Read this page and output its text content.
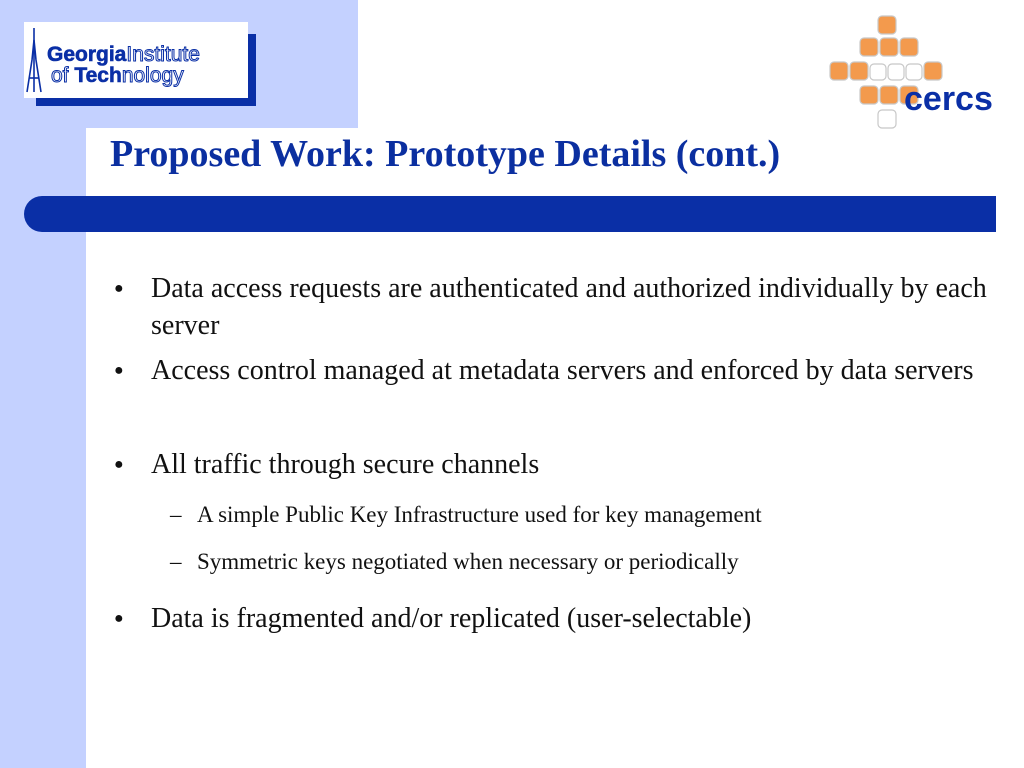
GeorgiaInstitute
of Technology
cercs
Proposed Work: Prototype Details (cont.)
● Data access requests are authenticated and authorized individually by each server
● Access control managed at metadata servers and enforced by data servers
● All traffic through secure channels
– A simple Public Key Infrastructure used for key management
– Symmetric keys negotiated when necessary or periodically
● Data is fragmented and/or replicated (user-selectable)
